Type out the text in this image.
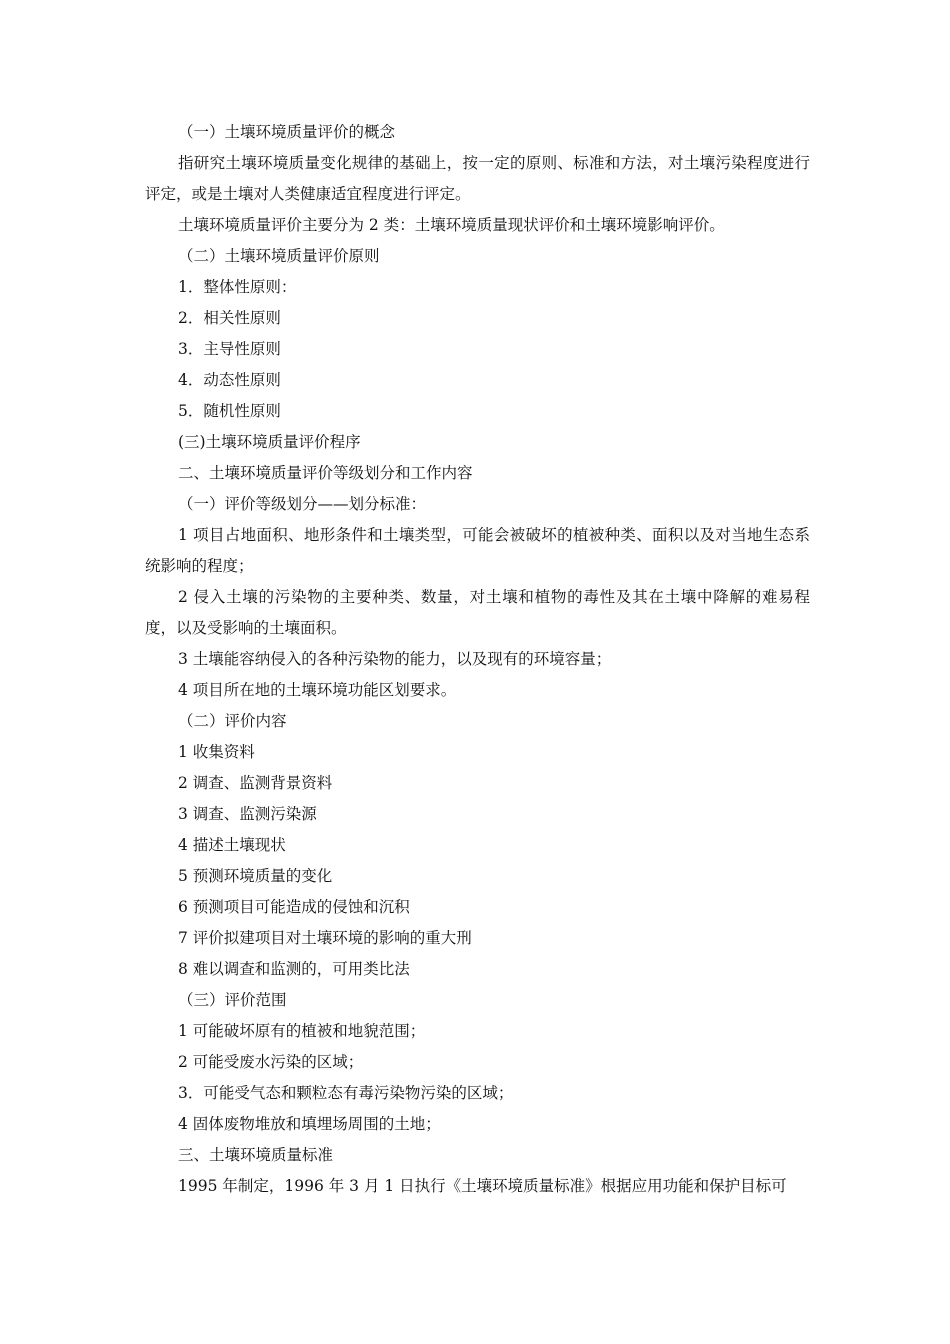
（一）土壤环境质量评价的概念

指研究土壤环境质量变化规律的基础上，按一定的原则、标准和方法，对土壤污染程度进行评定，或是土壤对人类健康适宜程度进行评定。

土壤环境质量评价主要分为 2 类：土壤环境质量现状评价和土壤环境影响评价。

（二）土壤环境质量评价原则

1．整体性原则：

2．相关性原则

3．主导性原则

4．动态性原则

5．随机性原则

(三)土壤环境质量评价程序

二、土壤环境质量评价等级划分和工作内容

（一）评价等级划分——划分标准：

1 项目占地面积、地形条件和土壤类型，可能会被破坏的植被种类、面积以及对当地生态系统影响的程度；

2 侵入土壤的污染物的主要种类、数量，对土壤和植物的毒性及其在土壤中降解的难易程度，以及受影响的土壤面积。

3 土壤能容纳侵入的各种污染物的能力，以及现有的环境容量；

4 项目所在地的土壤环境功能区划要求。

（二）评价内容

1 收集资料

2 调查、监测背景资料

3 调查、监测污染源

4 描述土壤现状

5 预测环境质量的变化

6 预测项目可能造成的侵蚀和沉积

7 评价拟建项目对土壤环境的影响的重大刑

8 难以调查和监测的，可用类比法

（三）评价范围

1 可能破坏原有的植被和地貌范围；

2 可能受废水污染的区域；

3．可能受气态和颗粒态有毒污染物污染的区域；

4 固体废物堆放和填埋场周围的土地；

三、土壤环境质量标准

1995 年制定，1996 年 3 月 1 日执行《土壤环境质量标准》根据应用功能和保护目标可
